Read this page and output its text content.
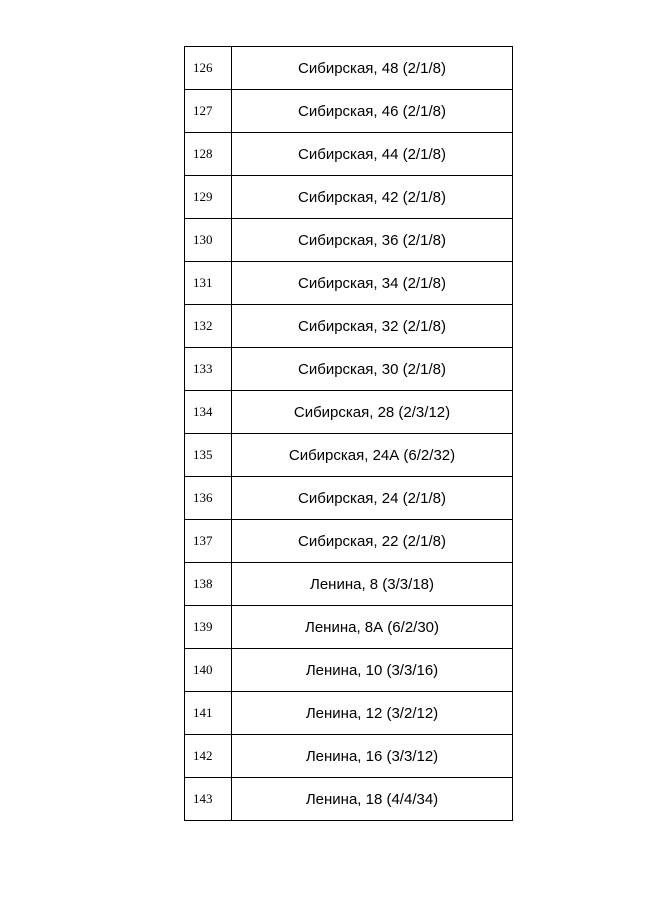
126	Сибирская, 48 (2/1/8)
127	Сибирская, 46 (2/1/8)
128	Сибирская, 44 (2/1/8)
129	Сибирская, 42 (2/1/8)
130	Сибирская, 36 (2/1/8)
131	Сибирская, 34 (2/1/8)
132	Сибирская, 32 (2/1/8)
133	Сибирская, 30 (2/1/8)
134	Сибирская, 28 (2/3/12)
135	Сибирская, 24А (6/2/32)
136	Сибирская, 24 (2/1/8)
137	Сибирская, 22 (2/1/8)
138	Ленина, 8 (3/3/18)
139	Ленина, 8А (6/2/30)
140	Ленина, 10 (3/3/16)
141	Ленина, 12 (3/2/12)
142	Ленина, 16 (3/3/12)
143	Ленина, 18 (4/4/34)
